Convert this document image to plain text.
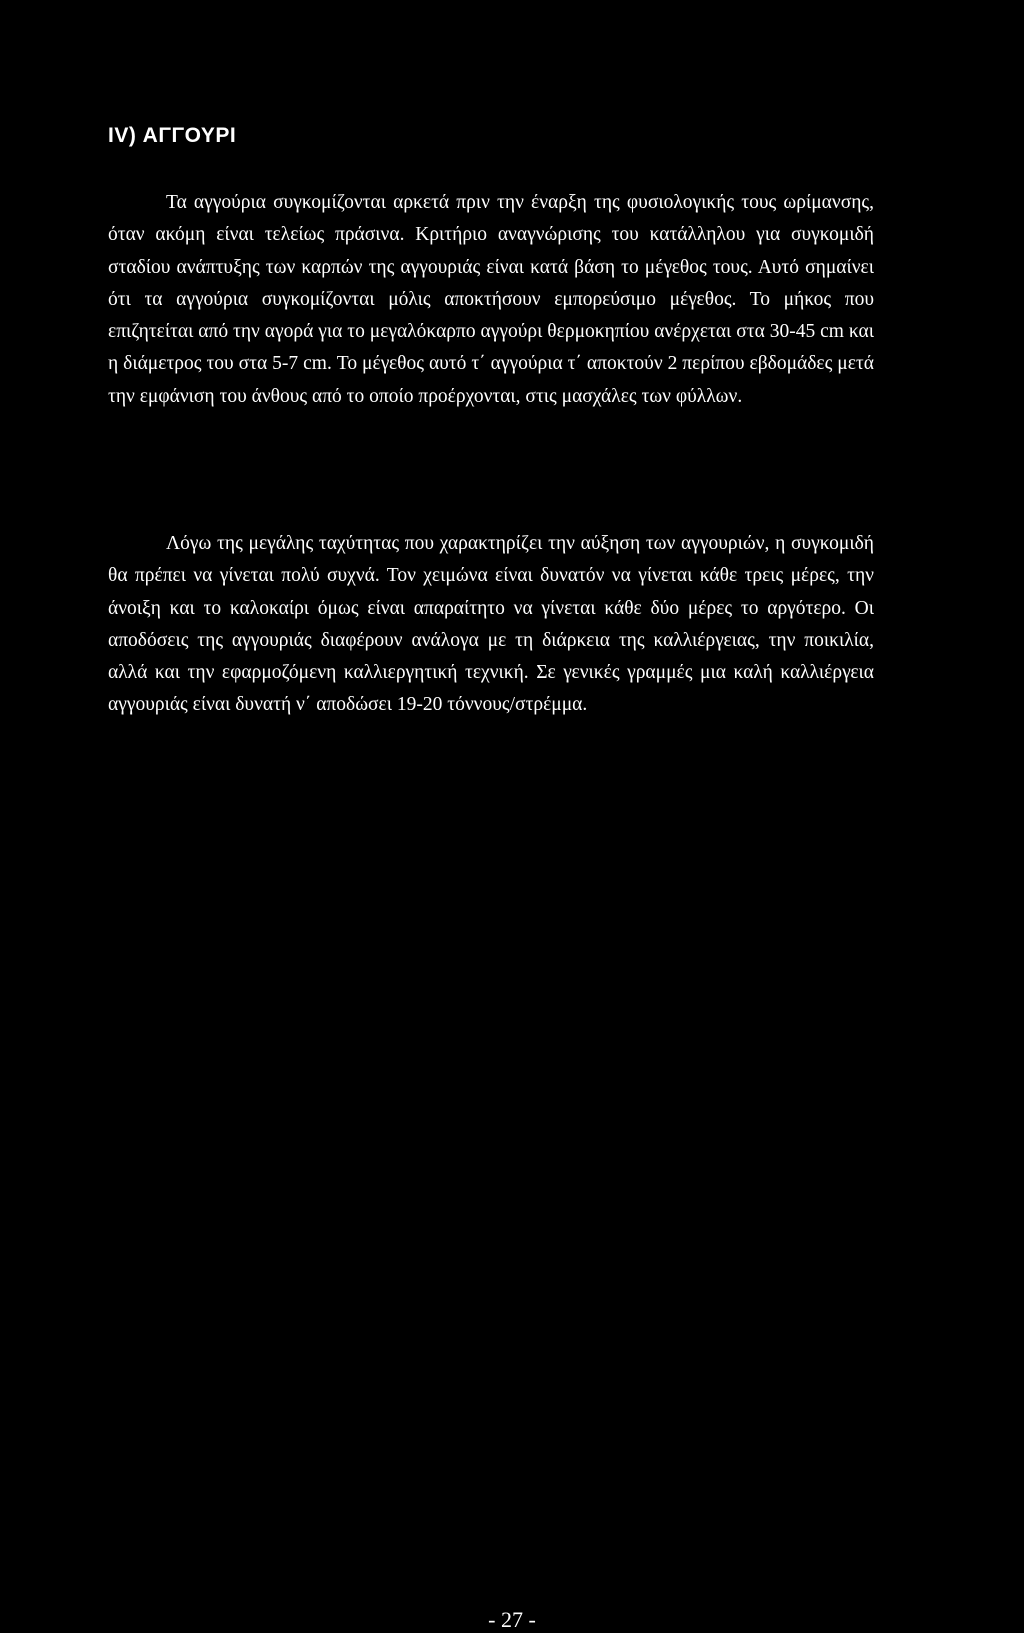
IV) ΑΓΓΟΥΡΙ

Τα αγγούρια συγκομίζονται αρκετά πριν την έναρξη της φυσιολογικής τους ωρίμανσης, όταν ακόμη είναι τελείως πράσινα. Κριτήριο αναγνώρισης του κατάλληλου για συγκομιδή σταδίου ανάπτυξης των καρπών της αγγουριάς είναι κατά βάση το μέγεθος τους. Αυτό σημαίνει ότι τα αγγούρια συγκομίζονται μόλις αποκτήσουν εμπορεύσιμο μέγεθος. Το μήκος που επιζητείται από την αγορά για το μεγαλόκαρπο αγγούρι θερμοκηπίου ανέρχεται στα 30-45 cm και η διάμετρος του στα 5-7 cm. Το μέγεθος αυτό τ΄ αγγούρια τ΄ αποκτούν 2 περίπου εβδομάδες μετά την εμφάνιση του άνθους από το οποίο προέρχονται, στις μασχάλες των φύλλων.

Λόγω της μεγάλης ταχύτητας που χαρακτηρίζει την αύξηση των αγγουριών, η συγκομιδή θα πρέπει να γίνεται πολύ συχνά. Τον χειμώνα είναι δυνατόν να γίνεται κάθε τρεις μέρες, την άνοιξη και το καλοκαίρι όμως είναι απαραίτητο να γίνεται κάθε δύο μέρες το αργότερο. Οι αποδόσεις της αγγουριάς διαφέρουν ανάλογα με τη διάρκεια της καλλιέργειας, την ποικιλία, αλλά και την εφαρμοζόμενη καλλιεργητική τεχνική. Σε γενικές γραμμές μια καλή καλλιέργεια αγγουριάς είναι δυνατή ν΄ αποδώσει 19-20 τόννους/στρέμμα.

- 27 -
